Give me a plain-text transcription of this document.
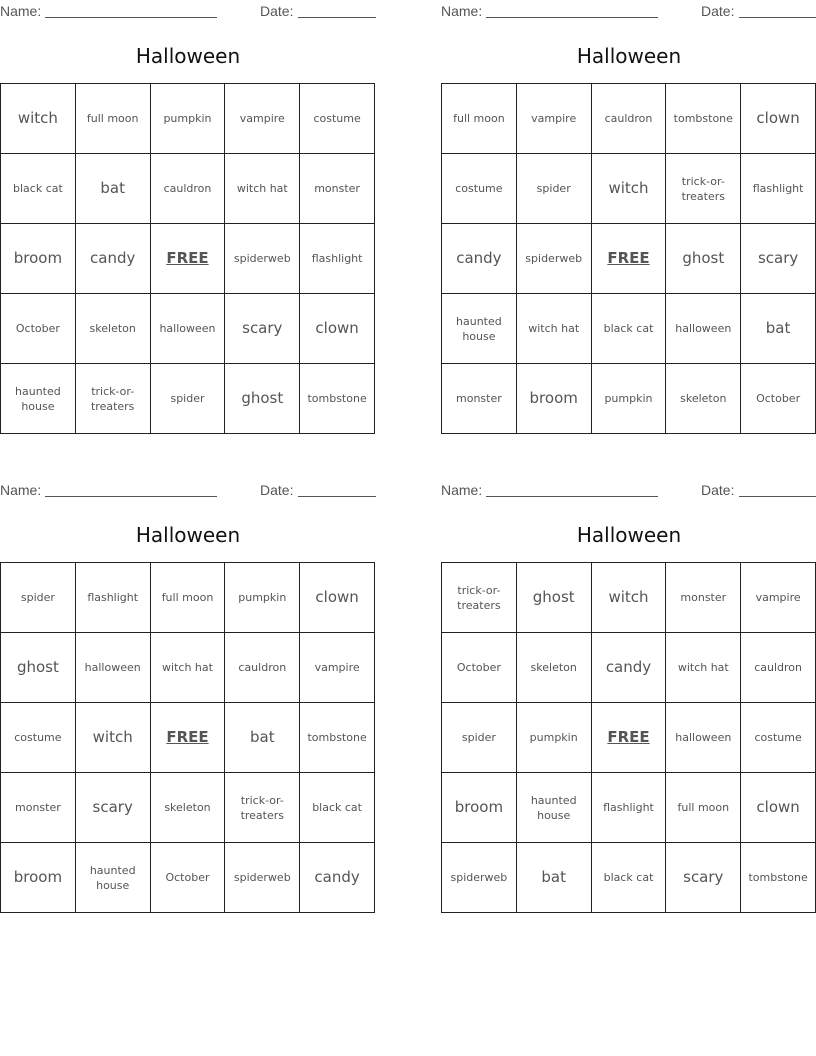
Name:	Date:
Halloween
witch	full moon	pumpkin	vampire	costume
black cat	bat	cauldron	witch hat	monster
broom	candy	FREE	spiderweb	flashlight
October	skeleton	halloween	scary	clown
haunted house	trick-or-treaters	spider	ghost	tombstone
Name:	Date:
Halloween
full moon	vampire	cauldron	tombstone	clown
costume	spider	witch	trick-or-treaters	flashlight
candy	spiderweb	FREE	ghost	scary
haunted house	witch hat	black cat	halloween	bat
monster	broom	pumpkin	skeleton	October
Name:	Date:
Halloween
spider	flashlight	full moon	pumpkin	clown
ghost	halloween	witch hat	cauldron	vampire
costume	witch	FREE	bat	tombstone
monster	scary	skeleton	trick-or-treaters	black cat
broom	haunted house	October	spiderweb	candy
Name:	Date:
Halloween
trick-or-treaters	ghost	witch	monster	vampire
October	skeleton	candy	witch hat	cauldron
spider	pumpkin	FREE	halloween	costume
broom	haunted house	flashlight	full moon	clown
spiderweb	bat	black cat	scary	tombstone
